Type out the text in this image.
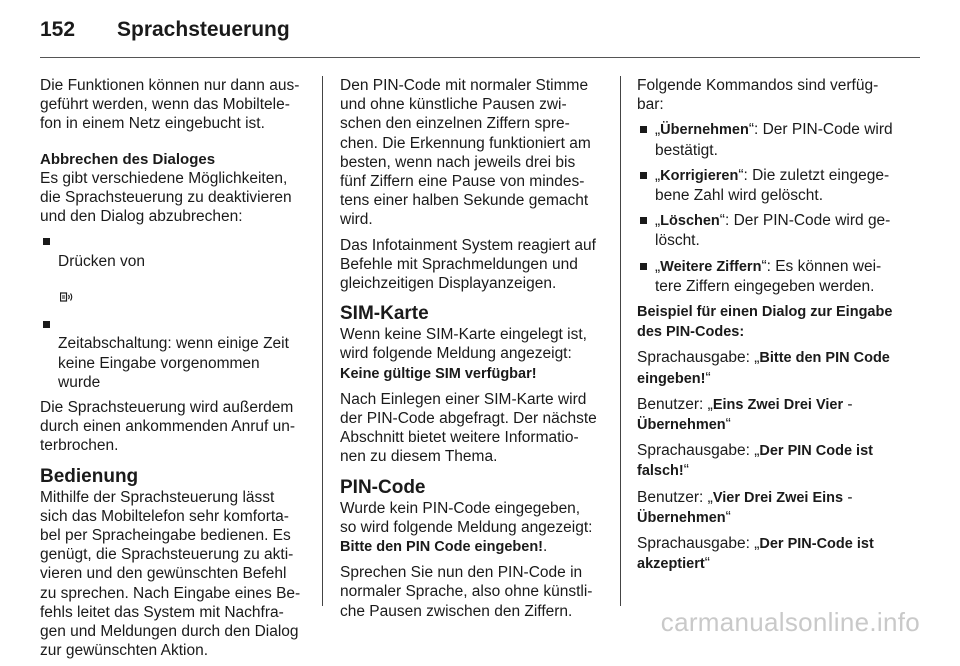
152 Sprachsteuerung

Die Funktionen können nur dann aus-
geführt werden, wenn das Mobiltele-
fon in einem Netz eingebucht ist.

Abbrechen des Dialoges

Es gibt verschiedene Möglichkeiten,
die Sprachsteuerung zu deaktivieren
und den Dialog abzubrechen:

Drücken von

Zeitabschaltung: wenn einige Zeit
keine Eingabe vorgenommen
wurde

Die Sprachsteuerung wird außerdem
durch einen ankommenden Anruf un-
terbrochen.

Bedienung

Mithilfe der Sprachsteuerung lässt
sich das Mobiltelefon sehr komforta-
bel per Spracheingabe bedienen. Es
genügt, die Sprachsteuerung zu akti-
vieren und den gewünschten Befehl
zu sprechen. Nach Eingabe eines Be-
fehls leitet das System mit Nachfra-
gen und Meldungen durch den Dialog
zur gewünschten Aktion.

Den PIN-Code mit normaler Stimme
und ohne künstliche Pausen zwi-
schen den einzelnen Ziffern spre-
chen. Die Erkennung funktioniert am
besten, wenn nach jeweils drei bis
fünf Ziffern eine Pause von mindes-
tens einer halben Sekunde gemacht
wird.

Das Infotainment System reagiert auf
Befehle mit Sprachmeldungen und
gleichzeitigen Displayanzeigen.

SIM-Karte

Wenn keine SIM-Karte eingelegt ist,
wird folgende Meldung angezeigt:

Keine gültige SIM verfügbar!

Nach Einlegen einer SIM-Karte wird
der PIN-Code abgefragt. Der nächste
Abschnitt bietet weitere Informatio-
nen zu diesem Thema.

PIN-Code

Wurde kein PIN-Code eingegeben,
so wird folgende Meldung angezeigt:

Bitte den PIN Code eingeben!.

Sprechen Sie nun den PIN-Code in
normaler Sprache, also ohne künstli-
che Pausen zwischen den Ziffern.

Folgende Kommandos sind verfüg-
bar:

„Übernehmen“: Der PIN-Code wird
bestätigt.
„Korrigieren“: Die zuletzt eingege-
bene Zahl wird gelöscht.
„Löschen“: Der PIN-Code wird ge-
löscht.
„Weitere Ziffern“: Es können wei-
tere Ziffern eingegeben werden.

Beispiel für einen Dialog zur Eingabe
des PIN-Codes:

Sprachausgabe: „Bitte den PIN Code
eingeben!“

Benutzer: „Eins Zwei Drei Vier -
Übernehmen“

Sprachausgabe: „Der PIN Code ist
falsch!“

Benutzer: „Vier Drei Zwei Eins -
Übernehmen“

Sprachausgabe: „Der PIN-Code ist
akzeptiert“

carmanualsonline.info
